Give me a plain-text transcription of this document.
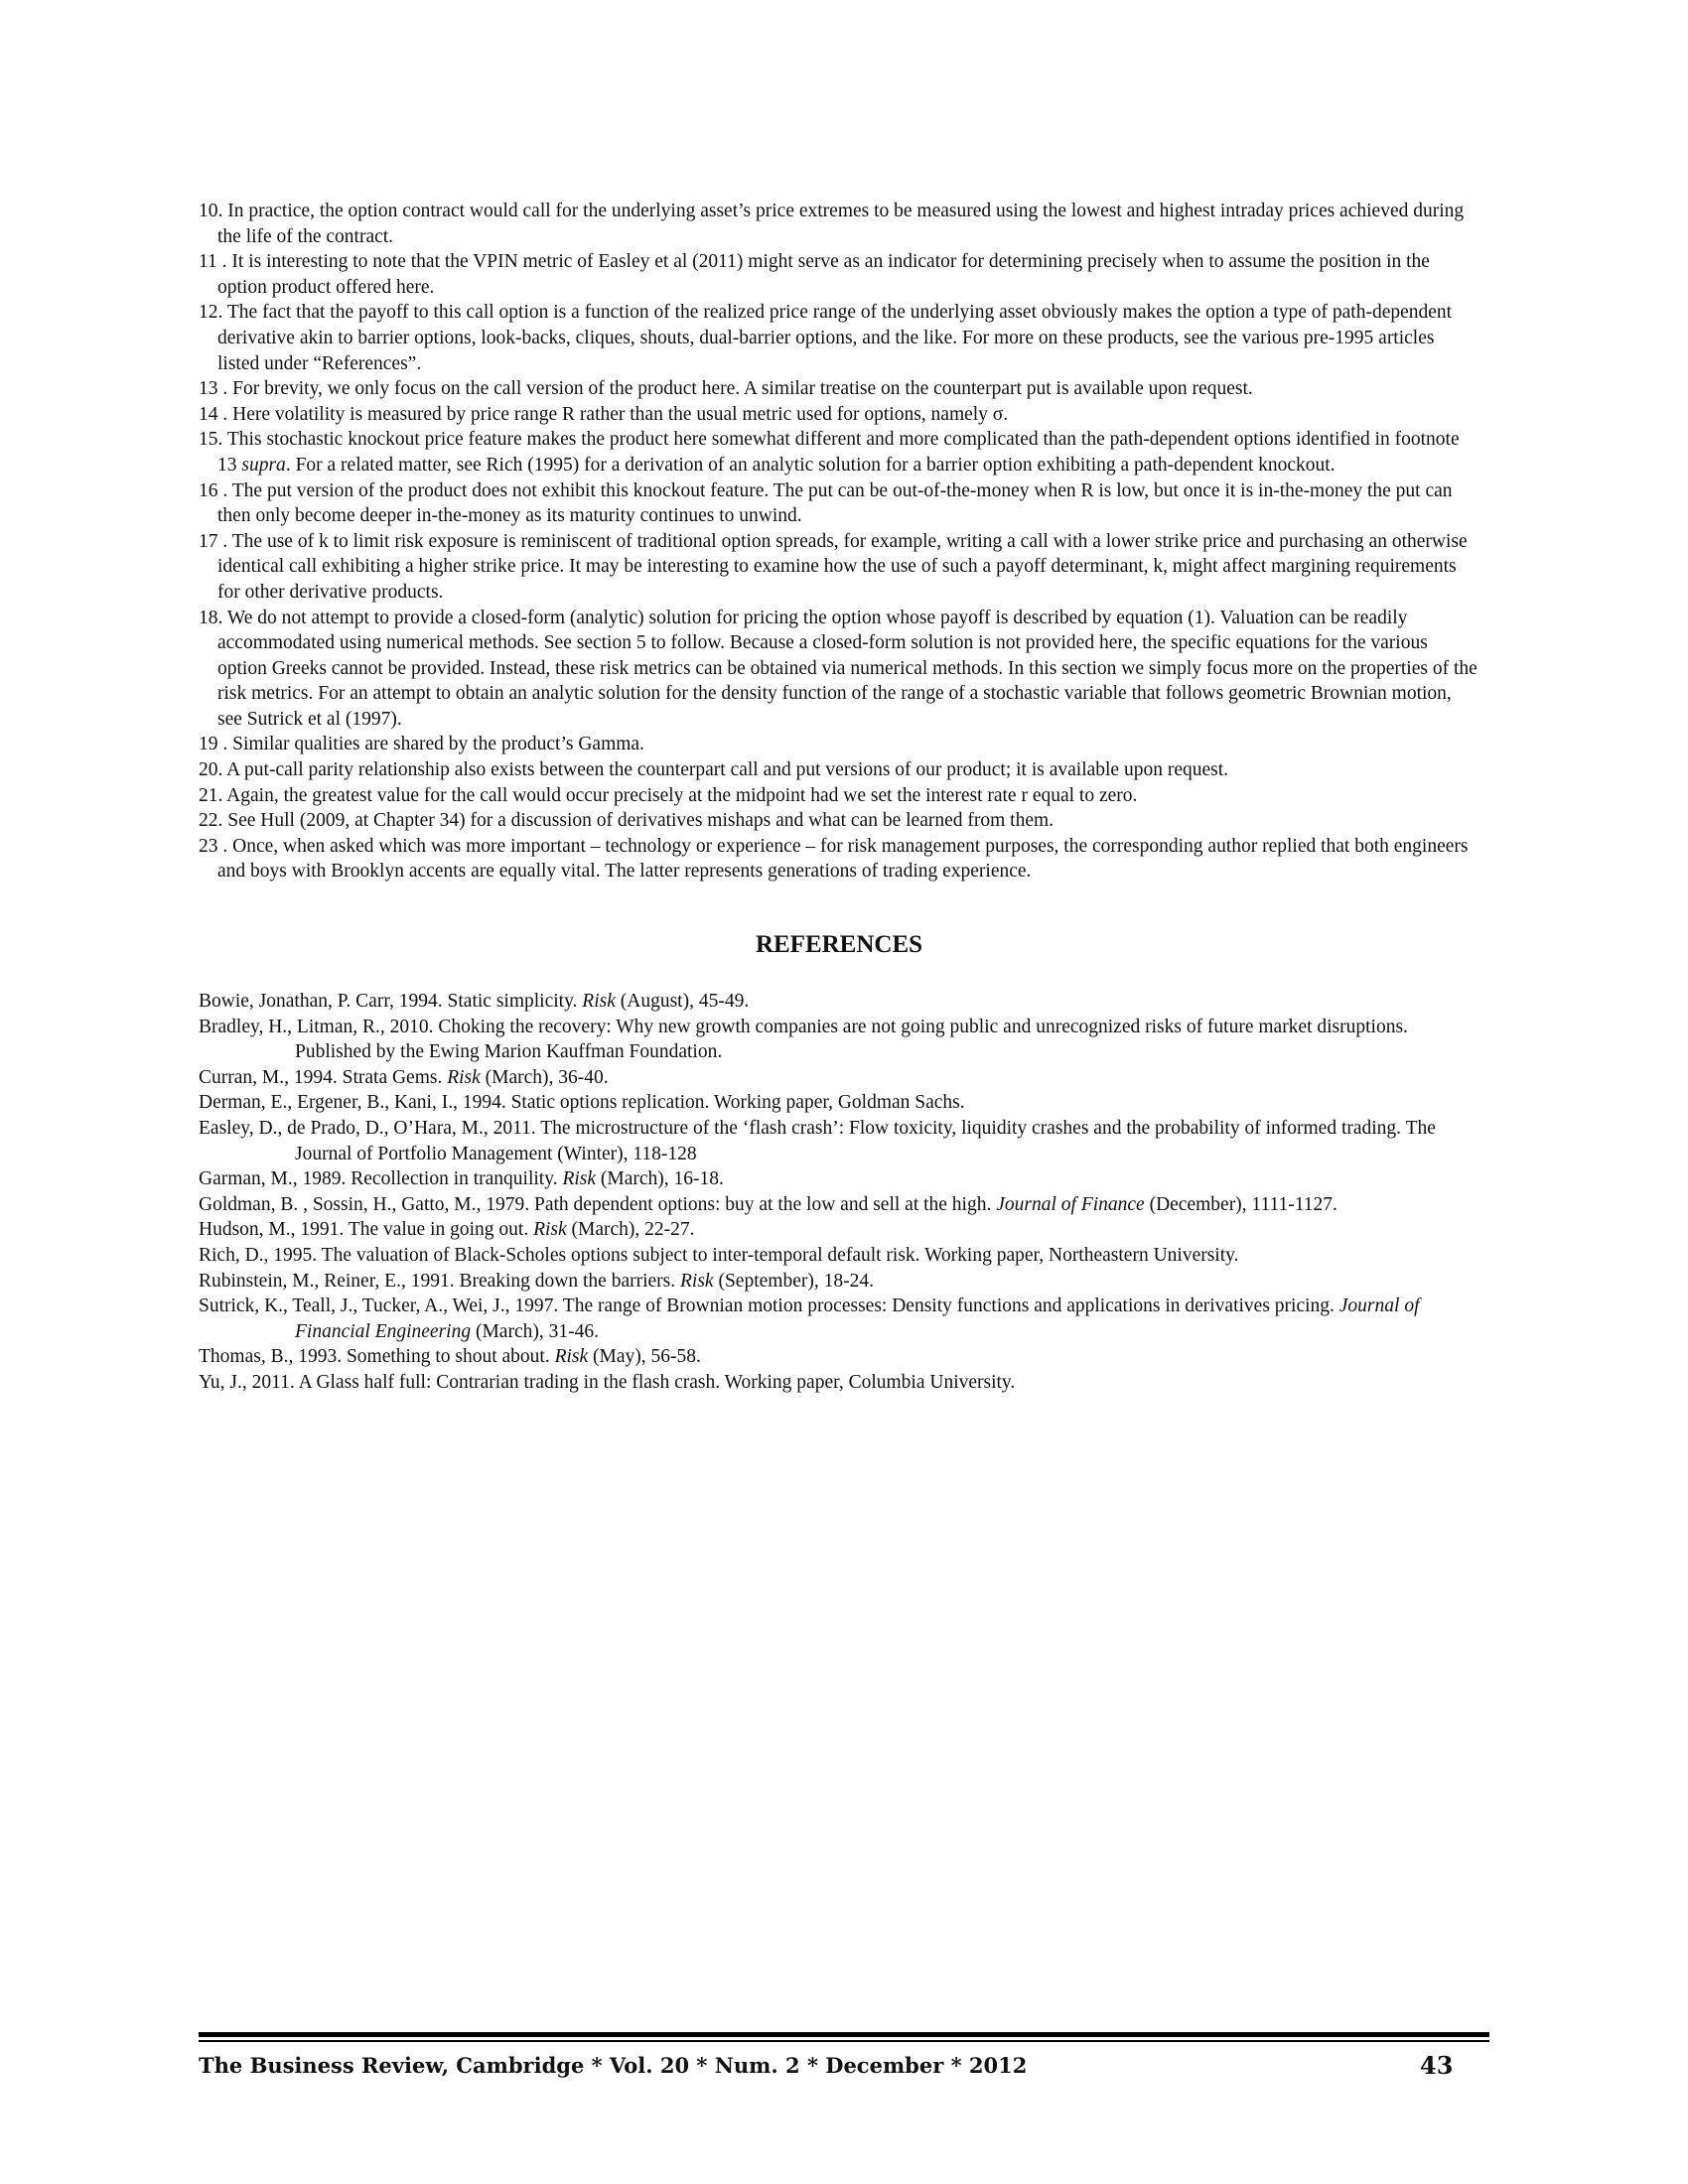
10. In practice, the option contract would call for the underlying asset’s price extremes to be measured using the lowest and highest intraday prices achieved during the life of the contract.

11 . It is interesting to note that the VPIN metric of Easley et al (2011) might serve as an indicator for determining precisely when to assume the position in the option product offered here.

12. The fact that the payoff to this call option is a function of the realized price range of the underlying asset obviously makes the option a type of path-dependent derivative akin to barrier options, look-backs, cliques, shouts, dual-barrier options, and the like. For more on these products, see the various pre-1995 articles listed under “References”.

13 . For brevity, we only focus on the call version of the product here. A similar treatise on the counterpart put is available upon request.

14 . Here volatility is measured by price range R rather than the usual metric used for options, namely σ.

15. This stochastic knockout price feature makes the product here somewhat different and more complicated than the path-dependent options identified in footnote 13 supra. For a related matter, see Rich (1995) for a derivation of an analytic solution for a barrier option exhibiting a path-dependent knockout.

16 . The put version of the product does not exhibit this knockout feature. The put can be out-of-the-money when R is low, but once it is in-the-money the put can then only become deeper in-the-money as its maturity continues to unwind.

17 . The use of k to limit risk exposure is reminiscent of traditional option spreads, for example, writing a call with a lower strike price and purchasing an otherwise identical call exhibiting a higher strike price. It may be interesting to examine how the use of such a payoff determinant, k, might affect margining requirements for other derivative products.

18. We do not attempt to provide a closed-form (analytic) solution for pricing the option whose payoff is described by equation (1). Valuation can be readily accommodated using numerical methods. See section 5 to follow. Because a closed-form solution is not provided here, the specific equations for the various option Greeks cannot be provided. Instead, these risk metrics can be obtained via numerical methods. In this section we simply focus more on the properties of the risk metrics. For an attempt to obtain an analytic solution for the density function of the range of a stochastic variable that follows geometric Brownian motion, see Sutrick et al (1997).

19 . Similar qualities are shared by the product’s Gamma.

20. A put-call parity relationship also exists between the counterpart call and put versions of our product; it is available upon request.

21. Again, the greatest value for the call would occur precisely at the midpoint had we set the interest rate r equal to zero.

22. See Hull (2009, at Chapter 34) for a discussion of derivatives mishaps and what can be learned from them.

23 . Once, when asked which was more important – technology or experience – for risk management purposes, the corresponding author replied that both engineers and boys with Brooklyn accents are equally vital. The latter represents generations of trading experience.

REFERENCES

Bowie, Jonathan, P. Carr, 1994. Static simplicity. Risk (August), 45-49.

Bradley, H., Litman, R., 2010. Choking the recovery: Why new growth companies are not going public and unrecognized risks of future market disruptions. Published by the Ewing Marion Kauffman Foundation.

Curran, M., 1994. Strata Gems. Risk (March), 36-40.

Derman, E., Ergener, B., Kani, I., 1994. Static options replication. Working paper, Goldman Sachs.

Easley, D., de Prado, D., O’Hara, M., 2011. The microstructure of the ‘flash crash’: Flow toxicity, liquidity crashes and the probability of informed trading. The Journal of Portfolio Management (Winter), 118-128

Garman, M., 1989. Recollection in tranquility. Risk (March), 16-18.

Goldman, B. , Sossin, H., Gatto, M., 1979. Path dependent options: buy at the low and sell at the high. Journal of Finance (December), 1111-1127.

Hudson, M., 1991. The value in going out. Risk (March), 22-27.

Rich, D., 1995. The valuation of Black-Scholes options subject to inter-temporal default risk. Working paper, Northeastern University.

Rubinstein, M., Reiner, E., 1991. Breaking down the barriers. Risk (September), 18-24.

Sutrick, K., Teall, J., Tucker, A., Wei, J., 1997. The range of Brownian motion processes: Density functions and applications in derivatives pricing. Journal of Financial Engineering (March), 31-46.

Thomas, B., 1993. Something to shout about. Risk (May), 56-58.

Yu, J., 2011. A Glass half full: Contrarian trading in the flash crash. Working paper, Columbia University.

The Business Review, Cambridge * Vol. 20 * Num. 2 * December * 2012	43
